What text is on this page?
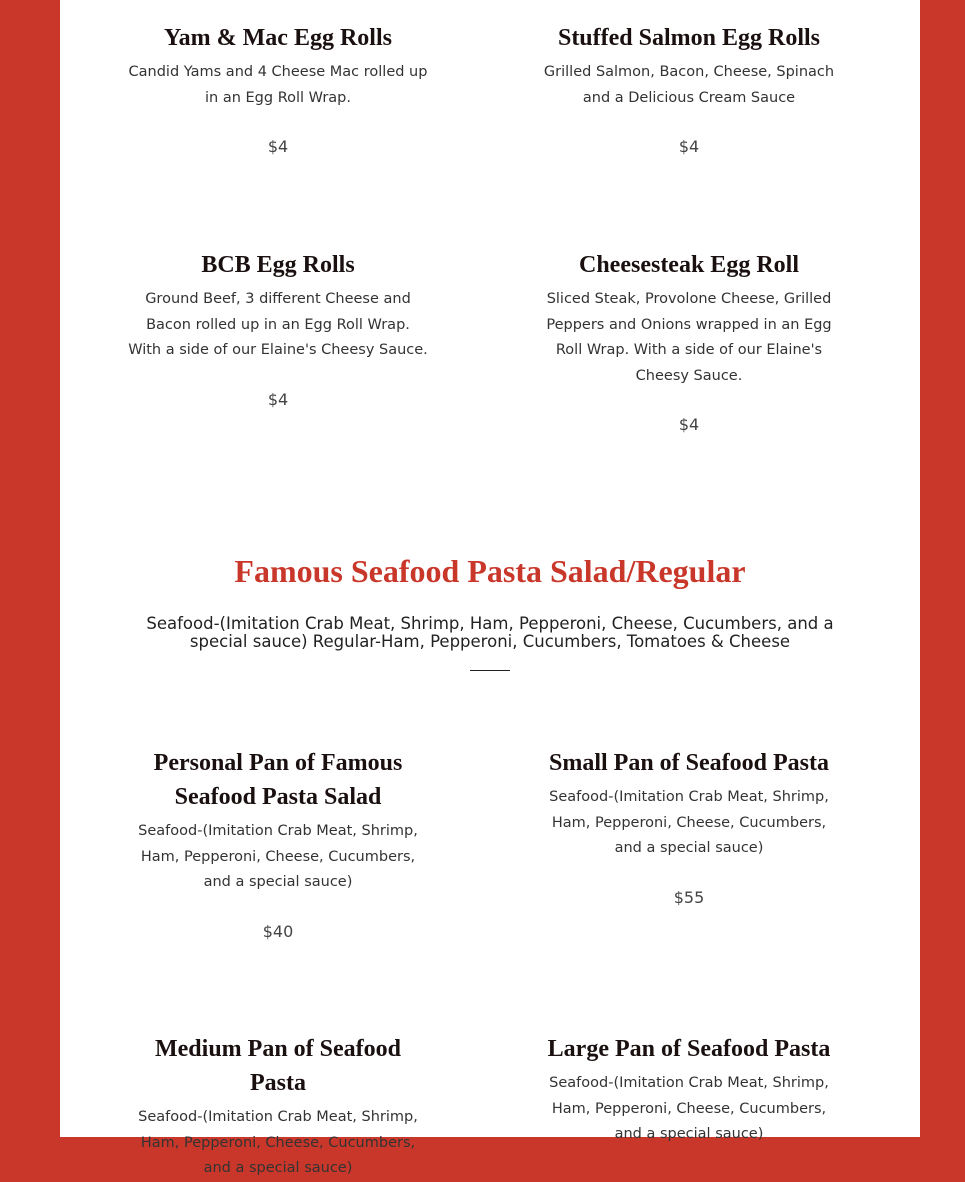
Yam & Mac Egg Rolls

Candid Yams and 4 Cheese Mac rolled up in an Egg Roll Wrap.

$4
Stuffed Salmon Egg Rolls

Grilled Salmon, Bacon, Cheese, Spinach and a Delicious Cream Sauce

$4
BCB Egg Rolls

Ground Beef, 3 different Cheese and Bacon rolled up in an Egg Roll Wrap. With a side of our Elaine's Cheesy Sauce.

$4
Cheesesteak Egg Roll

Sliced Steak, Provolone Cheese, Grilled Peppers and Onions wrapped in an Egg Roll Wrap. With a side of our Elaine's Cheesy Sauce.

$4
Famous Seafood Pasta Salad/Regular
Seafood-(Imitation Crab Meat, Shrimp, Ham, Pepperoni, Cheese, Cucumbers, and a special sauce) Regular-Ham, Pepperoni, Cucumbers, Tomatoes & Cheese
Personal Pan of Famous Seafood Pasta Salad

Seafood-(Imitation Crab Meat, Shrimp, Ham, Pepperoni, Cheese, Cucumbers, and a special sauce)

$40
Small Pan of Seafood Pasta

Seafood-(Imitation Crab Meat, Shrimp, Ham, Pepperoni, Cheese, Cucumbers, and a special sauce)

$55
Medium Pan of Seafood Pasta

Seafood-(Imitation Crab Meat, Shrimp, Ham, Pepperoni, Cheese, Cucumbers, and a special sauce)

Large Pan of Seafood Pasta

Seafood-(Imitation Crab Meat, Shrimp, Ham, Pepperoni, Cheese, Cucumbers, and a special sauce)
